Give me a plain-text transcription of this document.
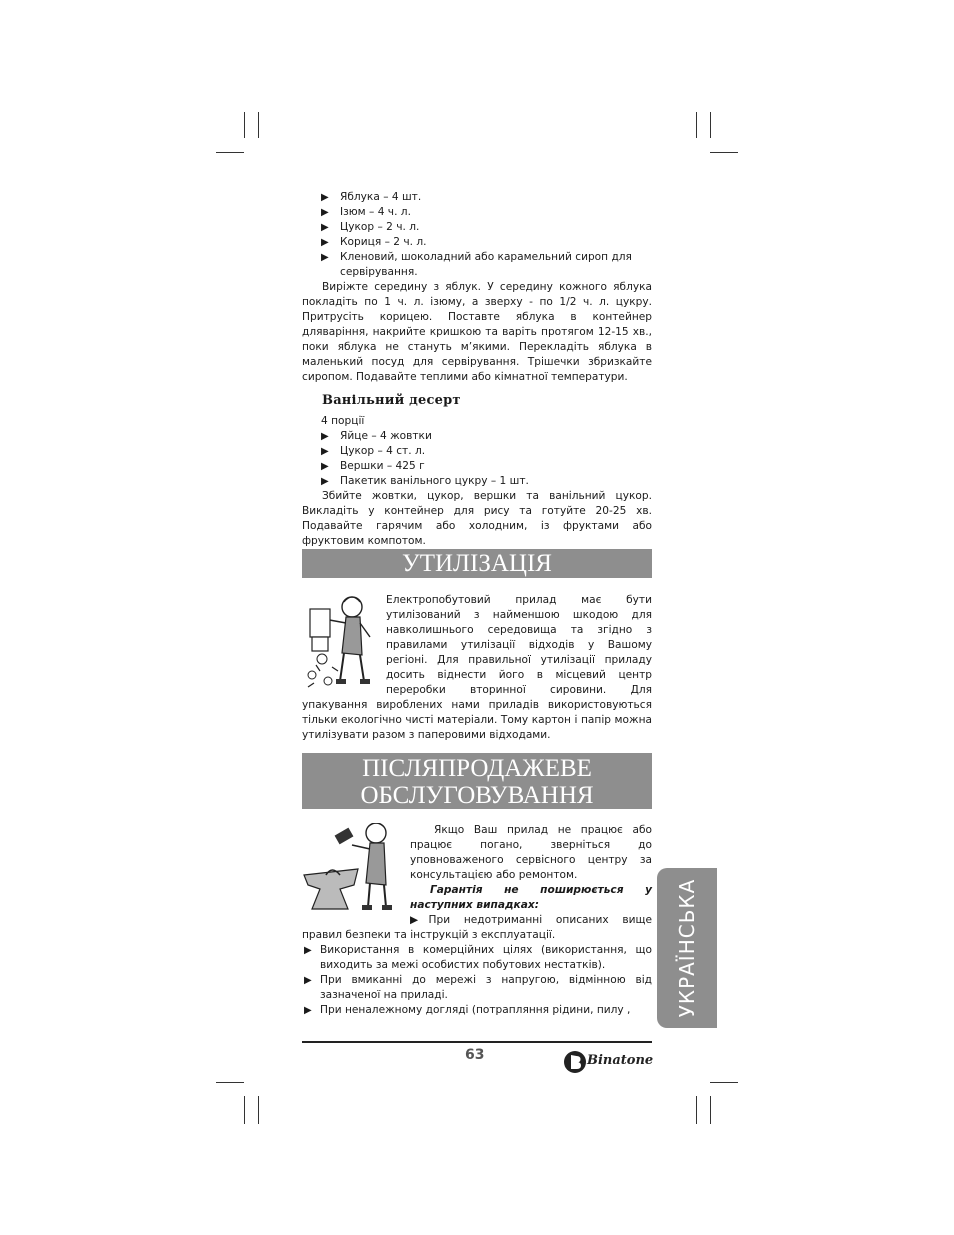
▶ Яблука – 4 шт.
▶ Ізюм – 4 ч. л.
▶ Цукор – 2 ч. л.
▶ Кориця – 2 ч. л.
▶ Кленовий, шоколадний або карамельний сироп для сервірування.

Виріжте середину з яблук. У середину кожного яблука покладіть по 1 ч. л. ізюму, а зверху - по 1/2 ч. л. цукру. Притрусіть корицею. Поставте яблука в контейнер дляваріння, накрийте кришкою та варіть протягом 12-15 хв., поки яблука не стануть м’якими. Перекладіть яблука в маленький посуд для сервірування. Трішечки збризкайте сиропом. Подавайте теплими або кімнатної температури.

Ванільний десерт
4 порції
▶ Яйце – 4 жовтки
▶ Цукор – 4 ст. л.
▶ Вершки – 425 г
▶ Пакетик ванільного цукру – 1 шт.

Збийте жовтки, цукор, вершки та ванільний цукор. Викладіть у контейнер для рису та готуйте 20-25 хв. Подавайте гарячим або холодним, із фруктами або фруктовим компотом.

УТИЛІЗАЦІЯ

Електропобутовий прилад має бути утилізований з найменшою шкодою для навколишнього середовища та згідно з правилами утилізації відходів у Вашому регіоні. Для правильної утилізації приладу досить віднести його в місцевий центр переробки вторинної сировини. Для упакування вироблених нами приладів використовуються тільки екологічно чисті матеріали. Тому картон і папір можна утилізувати разом з паперовими відходами.

ПІСЛЯПРОДАЖЕВЕ
ОБСЛУГОВУВАННЯ

Якщо Ваш прилад не працює або працює погано, зверніться до уповноваженого сервісного центру за консультацією або ремонтом.

Гарантія не поширюється у наступних випадках:

▶При недотриманні описаних вище правил безпеки та інструкцій з експлуатації.

▶ Використання в комерційних цілях (використання, що виходить за межі особистих побутових нестатків).

▶ При вмиканні до мережі з напругою, відмінною від зазначеної на приладі.

▶ При неналежному догляді (потрапляння рідини, пилу ,	УКРАЇНСЬКА
63	Binatone
